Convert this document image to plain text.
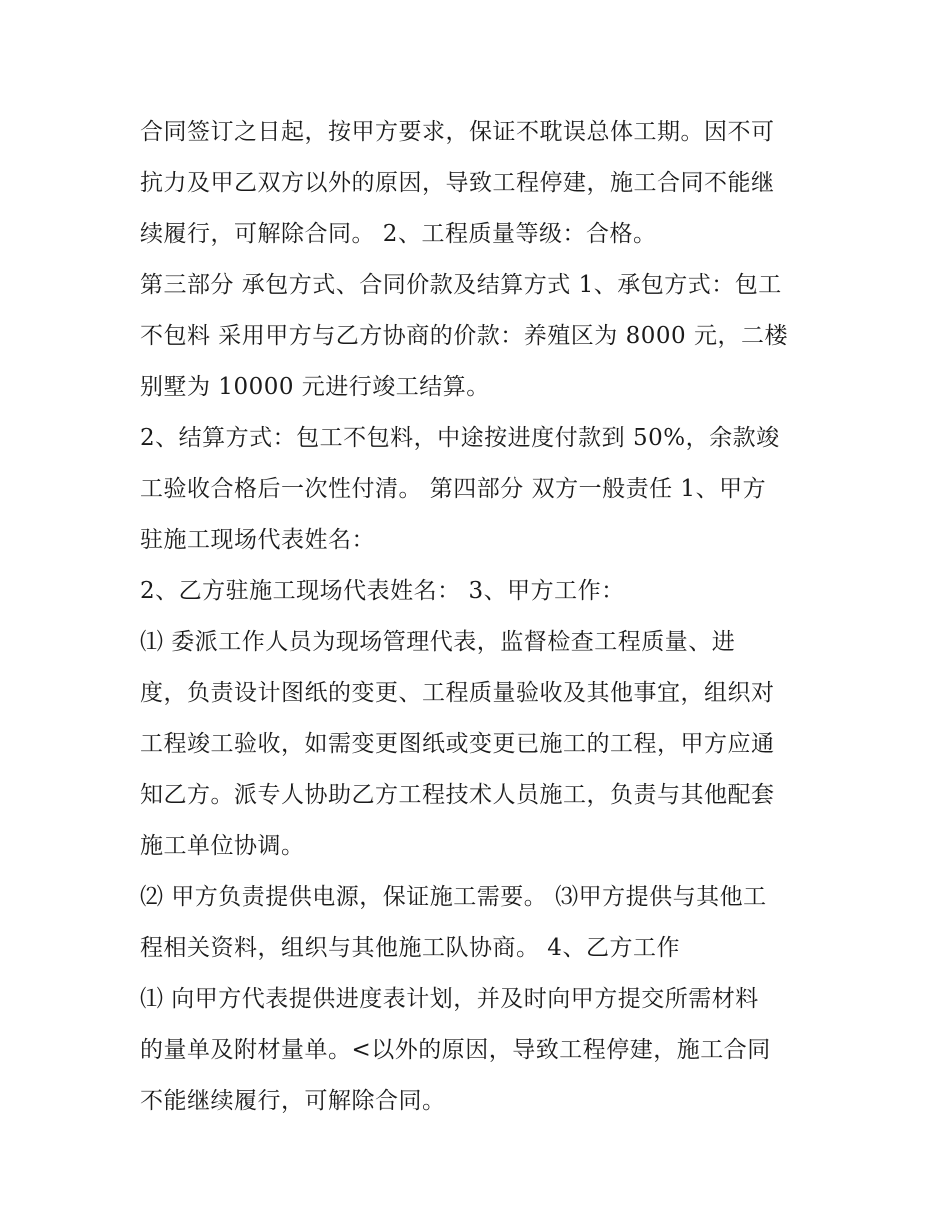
合同签订之日起，按甲方要求，保证不耽误总体工期。因不可
抗力及甲乙双方以外的原因，导致工程停建，施工合同不能继
续履行，可解除合同。 2、工程质量等级：合格。
第三部分 承包方式、合同价款及结算方式 1、承包方式：包工
不包料 采用甲方与乙方协商的价款：养殖区为 8000 元，二楼
别墅为 10000 元进行竣工结算。
2、结算方式：包工不包料，中途按进度付款到 50%，余款竣
工验收合格后一次性付清。 第四部分 双方一般责任 1、甲方
驻施工现场代表姓名：
2、乙方驻施工现场代表姓名： 3、甲方工作：
⑴ 委派工作人员为现场管理代表，监督检查工程质量、进
度，负责设计图纸的变更、工程质量验收及其他事宜，组织对
工程竣工验收，如需变更图纸或变更已施工的工程，甲方应通
知乙方。派专人协助乙方工程技术人员施工，负责与其他配套
施工单位协调。
⑵ 甲方负责提供电源，保证施工需要。 ⑶甲方提供与其他工
程相关资料，组织与其他施工队协商。 4、乙方工作
⑴ 向甲方代表提供进度表计划，并及时向甲方提交所需材料
的量单及附材量单。<以外的原因，导致工程停建，施工合同
不能继续履行，可解除合同。
